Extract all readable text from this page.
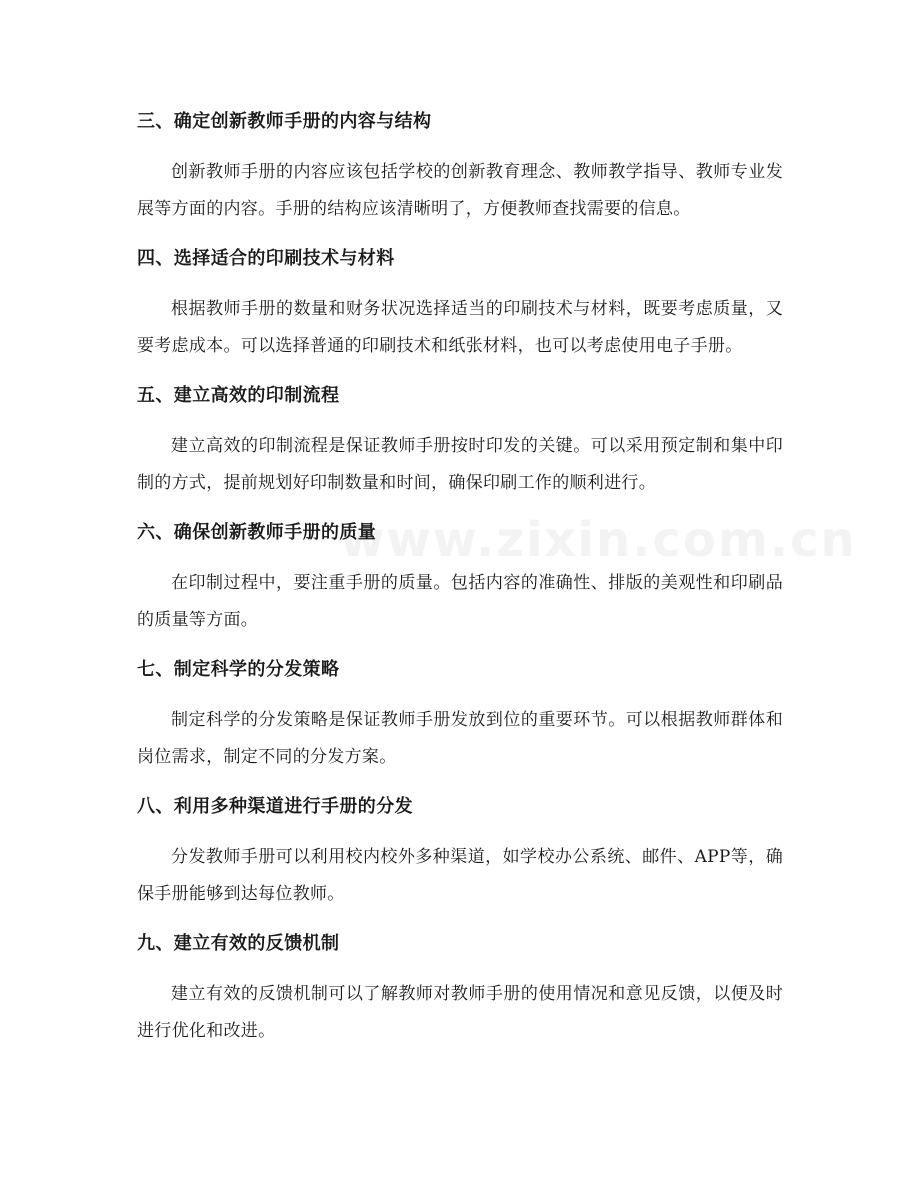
www.zixin.com.cn
三、确定创新教师手册的内容与结构

创新教师手册的内容应该包括学校的创新教育理念、教师教学指导、教师专业发展等方面的内容。手册的结构应该清晰明了，方便教师查找需要的信息。

四、选择适合的印刷技术与材料

根据教师手册的数量和财务状况选择适当的印刷技术与材料，既要考虑质量，又要考虑成本。可以选择普通的印刷技术和纸张材料，也可以考虑使用电子手册。

五、建立高效的印制流程

建立高效的印制流程是保证教师手册按时印发的关键。可以采用预定制和集中印制的方式，提前规划好印制数量和时间，确保印刷工作的顺利进行。

六、确保创新教师手册的质量

在印制过程中，要注重手册的质量。包括内容的准确性、排版的美观性和印刷品的质量等方面。

七、制定科学的分发策略

制定科学的分发策略是保证教师手册发放到位的重要环节。可以根据教师群体和岗位需求，制定不同的分发方案。

八、利用多种渠道进行手册的分发

分发教师手册可以利用校内校外多种渠道，如学校办公系统、邮件、APP等，确保手册能够到达每位教师。

九、建立有效的反馈机制

建立有效的反馈机制可以了解教师对教师手册的使用情况和意见反馈，以便及时进行优化和改进。
